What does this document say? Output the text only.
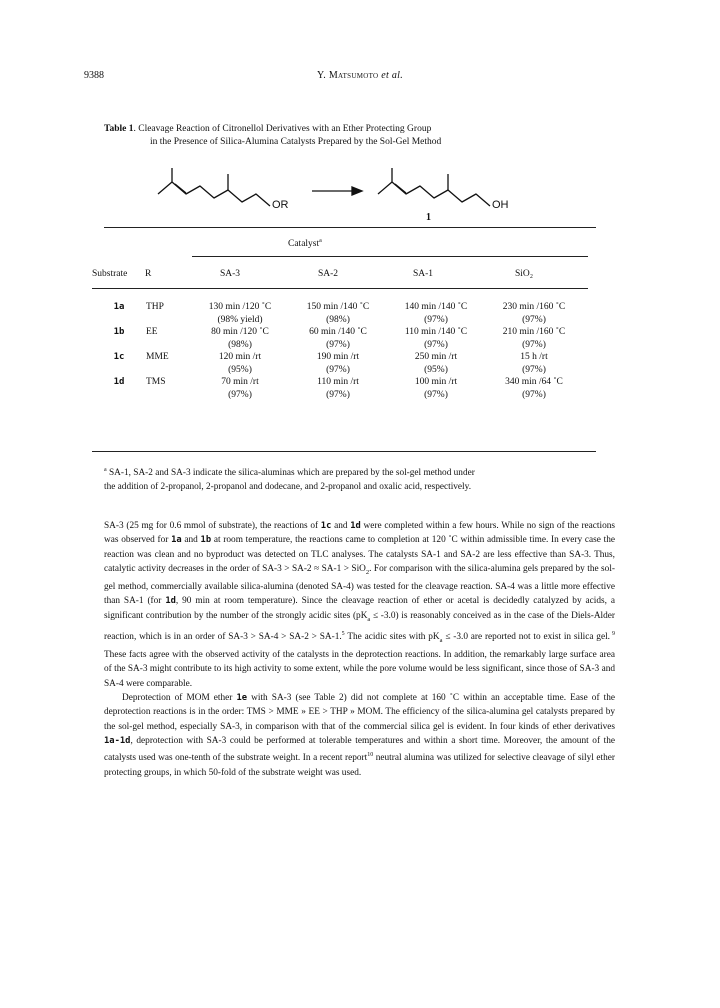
9388	Y. Matsumoto et al.
Table 1. Cleavage Reaction of Citronellol Derivatives with an Ether Protecting Group
in the Presence of Silica-Alumina Catalysts Prepared by the Sol-Gel Method
OR	OH
1
Catalyst$^a$
Substrate R	SA-3	SA-2	SA-1	SiO₂
1a	THP	130 min /120 ˚C	150 min /140 ˚C	140 min /140 ˚C	230 min /160 ˚C
		(98% yield)	(98%)	(97%)	(97%)
1b	EE	80 min /120 ˚C	60 min /140 ˚C	110 min /140 ˚C	210 min /160 ˚C
		(98%)	(97%)	(97%)	(97%)
1c	MME	120 min /rt	190 min /rt	250 min /rt	15 h /rt
		(95%)	(97%)	(95%)	(97%)
1d	TMS	70 min /rt	110 min /rt	100 min /rt	340 min /64 ˚C
		(97%)	(97%)	(97%)	(97%)
$^a$ SA-1, SA-2 and SA-3 indicate the silica-aluminas which are prepared by the sol-gel method under
the addition of 2-propanol, 2-propanol and dodecane, and 2-propanol and oxalic acid, respectively.

SA-3 (25 mg for 0.6 mmol of substrate), the reactions of 1c and 1d were completed within a few hours. While no sign of the reactions was observed for 1a and 1b at room temperature, the reactions came to completion at 120 ˚C within admissible time. In every case the reaction was clean and no byproduct was detected on TLC analyses. The catalysts SA-1 and SA-2 are less effective than SA-3. Thus, catalytic activity decreases in the order of SA-3 > SA-2 ≈ SA-1 > SiO$_2$. For comparison with the silica-alumina gels prepared by the sol-gel method, commercially available silica-alumina (denoted SA-4) was tested for the cleavage reaction. SA-4 was a little more effective than SA-1 (for 1d, 90 min at room temperature). Since the cleavage reaction of ether or acetal is decidedly catalyzed by acids, a significant contribution by the number of the strongly acidic sites $(pK_a \le -3.0)$ is reasonably conceived as in the case of the Diels-Alder reaction, which is in an order of SA-3 > SA-4 > SA-2 > SA-1.$^5$ The acidic sites with $pK_a \le -3.0$ are reported not to exist in silica gel. $^9$ These facts agree with the observed activity of the catalysts in the deprotection reactions. In addition, the remarkably large surface area of the SA-3 might contribute to its high activity to some extent, while the pore volume would be less significant, since those of SA-3 and SA-4 were comparable.

Deprotection of MOM ether 1e with SA-3 (see Table 2) did not complete at 160 ˚C within an acceptable time. Ease of the deprotection reactions is in the order: TMS > MME » EE > THP » MOM. The efficiency of the silica-alumina gel catalysts prepared by the sol-gel method, especially SA-3, in comparison with that of the commercial silica gel is evident. In four kinds of ether derivatives 1a-1d, deprotection with SA-3 could be performed at tolerable temperatures and within a short time. Moreover, the amount of the catalysts used was one-tenth of the substrate weight. In a recent report$^{10}$ neutral alumina was utilized for selective cleavage of silyl ether protecting groups, in which 50-fold of the substrate weight was used.
